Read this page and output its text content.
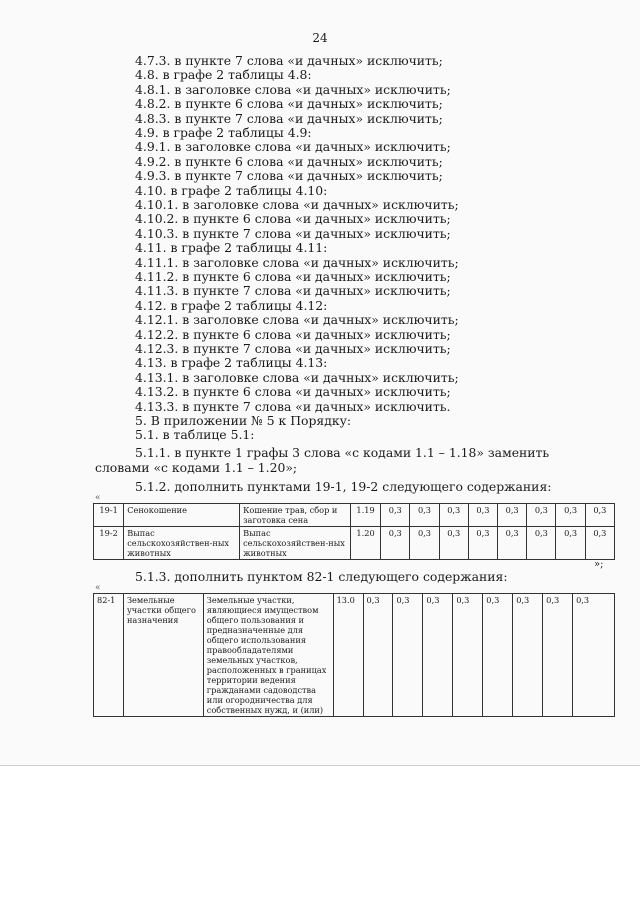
24
4.7.3. в пункте 7 слова «и дачных» исключить;
4.8. в графе 2 таблицы 4.8:
4.8.1. в заголовке слова «и дачных» исключить;
4.8.2. в пункте 6 слова «и дачных» исключить;
4.8.3. в пункте 7 слова «и дачных» исключить;
4.9. в графе 2 таблицы 4.9:
4.9.1. в заголовке слова «и дачных» исключить;
4.9.2. в пункте 6 слова «и дачных» исключить;
4.9.3. в пункте 7 слова «и дачных» исключить;
4.10. в графе 2 таблицы 4.10:
4.10.1. в заголовке слова «и дачных» исключить;
4.10.2. в пункте 6 слова «и дачных» исключить;
4.10.3. в пункте 7 слова «и дачных» исключить;
4.11. в графе 2 таблицы 4.11:
4.11.1. в заголовке слова «и дачных» исключить;
4.11.2. в пункте 6 слова «и дачных» исключить;
4.11.3. в пункте 7 слова «и дачных» исключить;
4.12. в графе 2 таблицы 4.12:
4.12.1. в заголовке слова «и дачных» исключить;
4.12.2. в пункте 6 слова «и дачных» исключить;
4.12.3. в пункте 7 слова «и дачных» исключить;
4.13. в графе 2 таблицы 4.13:
4.13.1. в заголовке слова «и дачных» исключить;
4.13.2. в пункте 6 слова «и дачных» исключить;
4.13.3. в пункте 7 слова «и дачных» исключить.
5. В приложении № 5 к Порядку:
5.1. в таблице 5.1:
5.1.1. в пункте 1 графы 3 слова «с кодами 1.1 – 1.18» заменить словами «с кодами 1.1 – 1.20»;
5.1.2. дополнить пунктами 19-1, 19-2 следующего содержания:
«
19-1	Сенокошение	Кошение трав, сбор и заготовка сена	1.19	0,3	0,3	0,3	0,3	0,3	0,3	0,3	0,3
19-2	Выпас сельскохозяйствен-ных животных	Выпас сельскохозяйствен-ных животных	1.20	0,3	0,3	0,3	0,3	0,3	0,3	0,3	0,3
»;
5.1.3. дополнить пунктом 82-1 следующего содержания:
«
82-1	Земельные участки общего назначения	Земельные участки, являющиеся имуществом общего пользования и предназначенные для общего использования правообладателями земельных участков, расположенных в границах территории ведения гражданами садоводства или огородничества для собственных нужд, и (или)	13.0	0,3	0,3	0,3	0,3	0,3	0,3	0,3	0,3
